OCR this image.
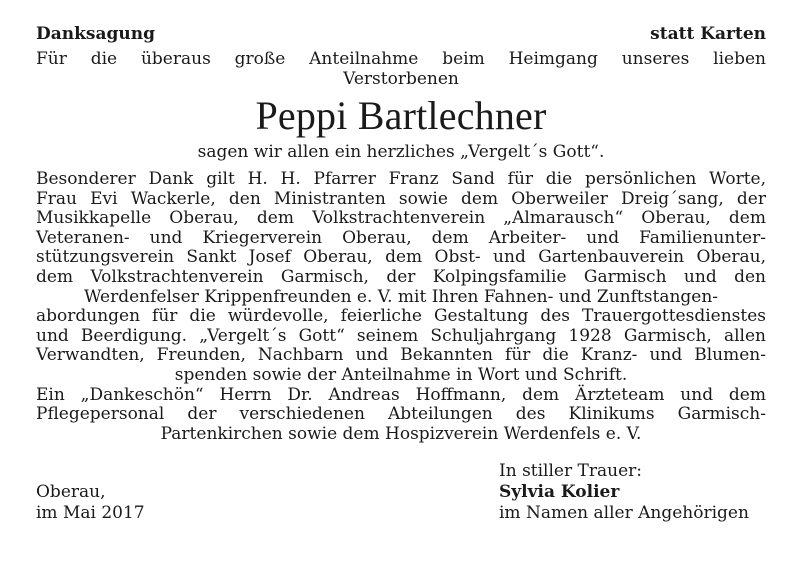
Danksagung	statt Karten
Für die überaus große Anteilnahme beim Heimgang unseres lieben
Verstorbenen
Peppi Bartlechner
sagen wir allen ein herzliches „Vergelt´s Gott“.
Besonderer Dank gilt H. H. Pfarrer Franz Sand für die persönlichen Worte,
Frau Evi Wackerle, den Ministranten sowie dem Oberweiler Dreig´sang, der
Musikkapelle Oberau, dem Volkstrachtenverein „Almarausch“ Oberau, dem
Veteranen- und Kriegerverein Oberau, dem Arbeiter- und Familienunter-
stützungsverein Sankt Josef Oberau, dem Obst- und Gartenbauverein Oberau,
dem Volkstrachtenverein Garmisch, der Kolpingsfamilie Garmisch und den
Werdenfelser Krippenfreunden e. V. mit Ihren Fahnen- und Zunftstangen-
abordungen für die würdevolle, feierliche Gestaltung des Trauergottesdienstes
und Beerdigung. „Vergelt´s Gott“ seinem Schuljahrgang 1928 Garmisch, allen
Verwandten, Freunden, Nachbarn und Bekannten für die Kranz- und Blumen-
spenden sowie der Anteilnahme in Wort und Schrift.
Ein „Dankeschön“ Herrn Dr. Andreas Hoffmann, dem Ärzteteam und dem
Pflegepersonal der verschiedenen Abteilungen des Klinikums Garmisch-
Partenkirchen sowie dem Hospizverein Werdenfels e. V.
Oberau,
im Mai 2017
In stiller Trauer:
Sylvia Kolier
im Namen aller Angehörigen
